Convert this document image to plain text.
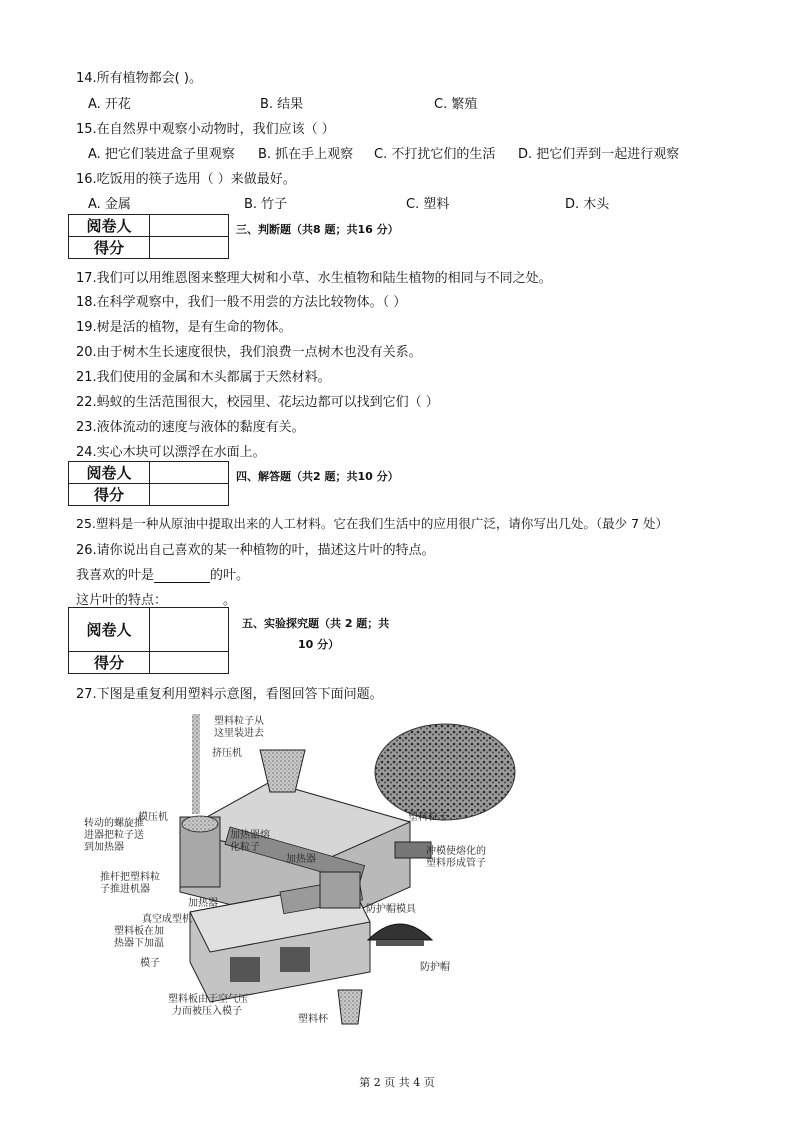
14.所有植物都会( )。
A. 开花	B. 结果	C. 繁殖
15.在自然界中观察小动物时，我们应该（ ）
A. 把它们装进盒子里观察 B. 抓在手上观察 C. 不打扰它们的生活 D. 把它们弄到一起进行观察
16.吃饭用的筷子选用（ ）来做最好。
A. 金属	B. 竹子	C. 塑料	D. 木头
阅卷人	
得分	
三、判断题（共8 题；共16 分）
17.我们可以用维恩图来整理大树和小草、水生植物和陆生植物的相同与不同之处。
18.在科学观察中，我们一般不用尝的方法比较物体。（ ）
19.树是活的植物，是有生命的物体。
20.由于树木生长速度很快，我们浪费一点树木也没有关系。
21.我们使用的金属和木头都属于天然材料。
22.蚂蚁的生活范围很大，校园里、花坛边都可以找到它们（ ）
23.液体流动的速度与液体的黏度有关。
24.实心木块可以漂浮在水面上。
阅卷人	
得分	
四、解答题（共2 题；共10 分）
25.塑料是一种从原油中提取出来的人工材料。它在我们生活中的应用很广泛，请你写出几处。（最少 7 处）
26.请你说出自己喜欢的某一种植物的叶，描述这片叶的特点。
我喜欢的叶是	的叶。
这片叶的特点：	。
阅卷人	
得分	
五、实验探究题（共 2 题；共
10 分）
27.下图是重复利用塑料示意图，看图回答下面问题。
塑料粒子从
这里装进去
挤压机
模压机
转动的螺旋推
进器把粒子送
到加热器
加热器熔
化粒子
加热器
推杆把塑料粒
子推进机器
加热器
真空成型机
塑料板在加
热器下加温
模子
塑料板由于空气压
力而被压入模子
塑料粒子
冲模使熔化的
塑料形成管子
防护帽模具
防护帽
塑料杯
第 2 页 共 4 页
